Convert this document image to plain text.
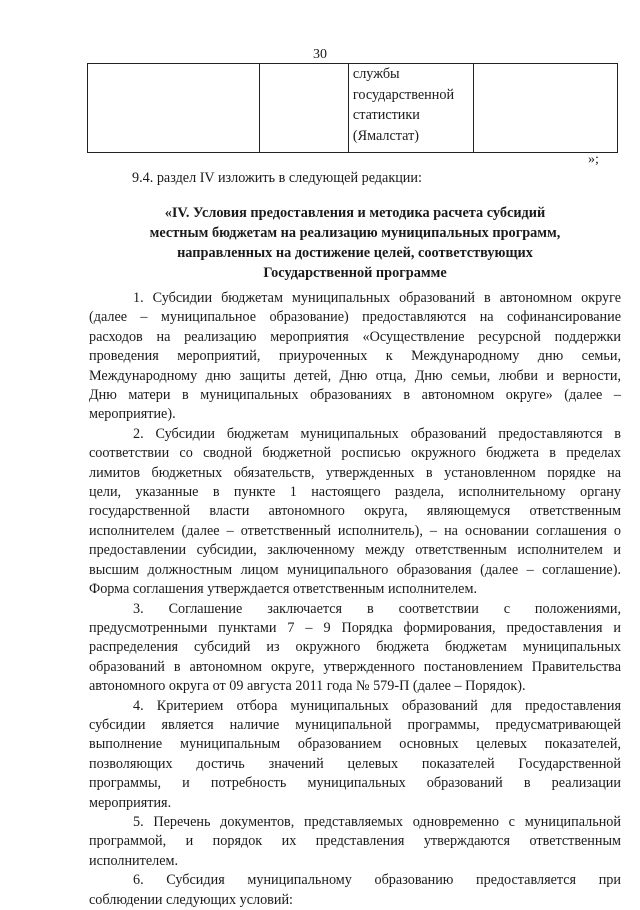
30

службы
государственной
статистики
(Ямалстат)

»;
9.4. раздел IV изложить в следующей редакции:
«IV. Условия предоставления и методика расчета субсидий
местным бюджетам на реализацию муниципальных программ,
направленных на достижение целей, соответствующих
Государственной программе

1. Субсидии бюджетам муниципальных образований в автономном округе
(далее – муниципальное образование) предоставляются на софинансирование
расходов на реализацию мероприятия «Осуществление ресурсной поддержки
проведения мероприятий, приуроченных к Международному дню семьи,
Международному дню защиты детей, Дню отца, Дню семьи, любви и верности,
Дню матери в муниципальных образованиях в автономном округе» (далее –
мероприятие).

2. Субсидии бюджетам муниципальных образований предоставляются в
соответствии со сводной бюджетной росписью окружного бюджета в пределах
лимитов бюджетных обязательств, утвержденных в установленном порядке на
цели, указанные в пункте 1 настоящего раздела, исполнительному органу
государственной власти автономного округа, являющемуся ответственным
исполнителем (далее – ответственный исполнитель), – на основании соглашения о
предоставлении субсидии, заключенному между ответственным исполнителем и
высшим должностным лицом муниципального образования (далее – соглашение).
Форма соглашения утверждается ответственным исполнителем.

3. Соглашение заключается в соответствии с положениями,
предусмотренными пунктами 7 – 9 Порядка формирования, предоставления и
распределения субсидий из окружного бюджета бюджетам муниципальных
образований в автономном округе, утвержденного постановлением Правительства
автономного округа от 09 августа 2011 года № 579-П (далее – Порядок).

4. Критерием отбора муниципальных образований для предоставления
субсидии является наличие муниципальной программы, предусматривающей
выполнение муниципальным образованием основных целевых показателей,
позволяющих достичь значений целевых показателей Государственной
программы, и потребность муниципальных образований в реализации
мероприятия.

5. Перечень документов, представляемых одновременно с муниципальной
программой, и порядок их представления утверждаются ответственным
исполнителем.

6. Субсидия муниципальному образованию предоставляется при
соблюдении следующих условий:
